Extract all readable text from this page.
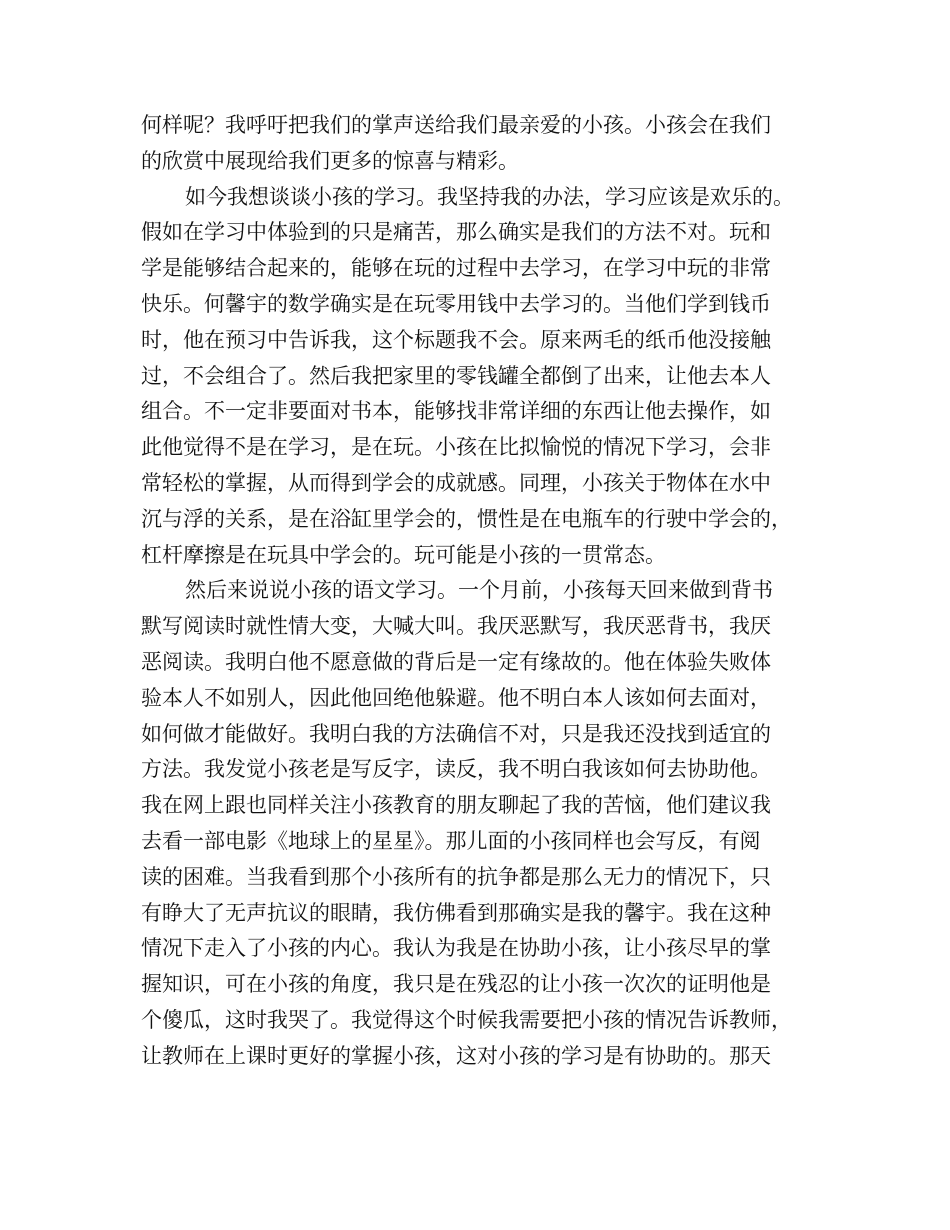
何样呢？我呼吁把我们的掌声送给我们最亲爱的小孩。小孩会在我们
的欣赏中展现给我们更多的惊喜与精彩。
如今我想谈谈小孩的学习。我坚持我的办法，学习应该是欢乐的。
假如在学习中体验到的只是痛苦，那么确实是我们的方法不对。玩和
学是能够结合起来的，能够在玩的过程中去学习，在学习中玩的非常
快乐。何馨宇的数学确实是在玩零用钱中去学习的。当他们学到钱币
时，他在预习中告诉我，这个标题我不会。原来两毛的纸币他没接触
过，不会组合了。然后我把家里的零钱罐全都倒了出来，让他去本人
组合。不一定非要面对书本，能够找非常详细的东西让他去操作，如
此他觉得不是在学习，是在玩。小孩在比拟愉悦的情况下学习，会非
常轻松的掌握，从而得到学会的成就感。同理，小孩关于物体在水中
沉与浮的关系，是在浴缸里学会的，惯性是在电瓶车的行驶中学会的，
杠杆摩擦是在玩具中学会的。玩可能是小孩的一贯常态。
然后来说说小孩的语文学习。一个月前，小孩每天回来做到背书
默写阅读时就性情大变，大喊大叫。我厌恶默写，我厌恶背书，我厌
恶阅读。我明白他不愿意做的背后是一定有缘故的。他在体验失败体
验本人不如别人，因此他回绝他躲避。他不明白本人该如何去面对，
如何做才能做好。我明白我的方法确信不对，只是我还没找到适宜的
方法。我发觉小孩老是写反字，读反，我不明白我该如何去协助他。
我在网上跟也同样关注小孩教育的朋友聊起了我的苦恼，他们建议我
去看一部电影《地球上的星星》。那儿面的小孩同样也会写反，有阅
读的困难。当我看到那个小孩所有的抗争都是那么无力的情况下，只
有睁大了无声抗议的眼睛，我仿佛看到那确实是我的馨宇。我在这种
情况下走入了小孩的内心。我认为我是在协助小孩，让小孩尽早的掌
握知识，可在小孩的角度，我只是在残忍的让小孩一次次的证明他是
个傻瓜，这时我哭了。我觉得这个时候我需要把小孩的情况告诉教师，
让教师在上课时更好的掌握小孩，这对小孩的学习是有协助的。那天
